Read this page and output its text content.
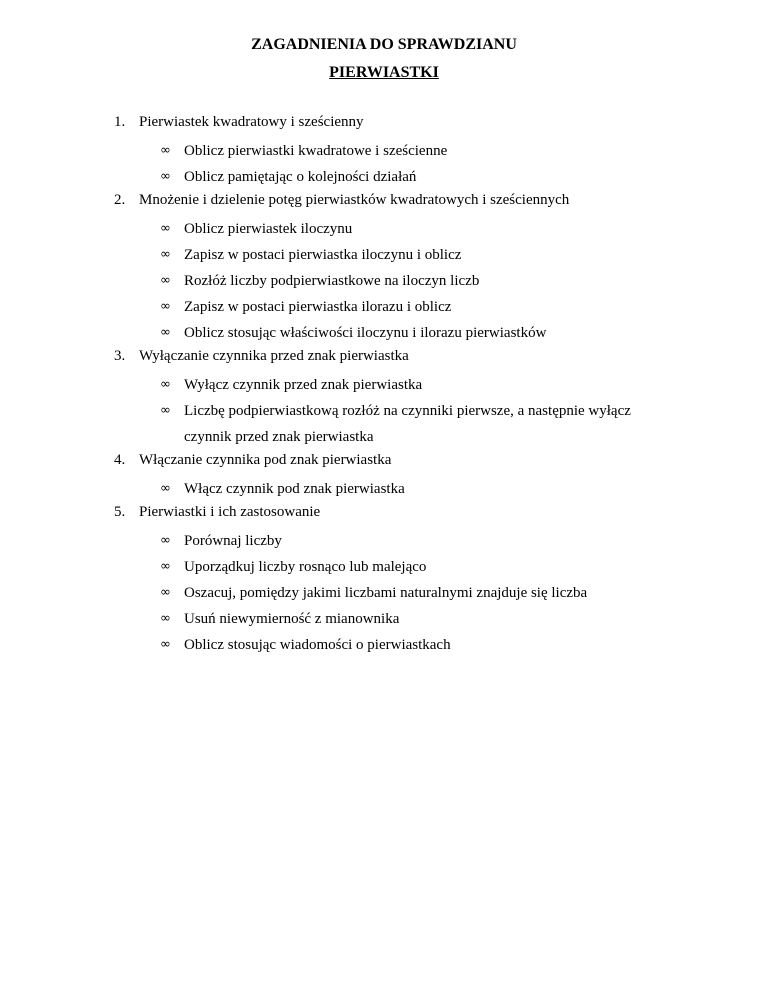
ZAGADNIENIA DO SPRAWDZIANU
PIERWIASTKI
1. Pierwiastek kwadratowy i sześcienny
∞ Oblicz pierwiastki kwadratowe i sześcienne
∞ Oblicz pamiętając o kolejności działań
2. Mnożenie i dzielenie potęg pierwiastków kwadratowych i sześciennych
∞ Oblicz pierwiastek iloczynu
∞ Zapisz w postaci pierwiastka iloczynu i oblicz
∞ Rozłóż liczby podpierwiastkowe na iloczyn liczb
∞ Zapisz w postaci pierwiastka ilorazu i oblicz
∞ Oblicz stosując właściwości iloczynu i ilorazu pierwiastków
3. Wyłączanie czynnika przed znak pierwiastka
∞ Wyłącz czynnik przed znak pierwiastka
∞ Liczbę podpierwiastkową rozłóż na czynniki pierwsze, a następnie wyłącz czynnik przed znak pierwiastka
4. Włączanie czynnika pod znak pierwiastka
∞ Włącz czynnik pod znak pierwiastka
5. Pierwiastki i ich zastosowanie
∞ Porównaj liczby
∞ Uporządkuj liczby rosnąco lub malejąco
∞ Oszacuj, pomiędzy jakimi liczbami naturalnymi znajduje się liczba
∞ Usuń niewymierność z mianownika
∞ Oblicz stosując wiadomości o pierwiastkach
